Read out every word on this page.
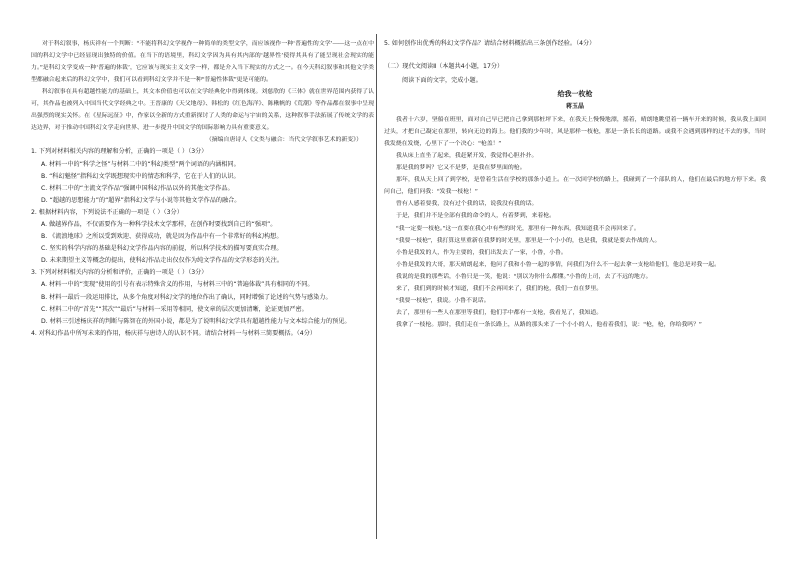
对于科幻叙事，杨庆祥有一个判断：“不能将科幻文学视作一种简单的类型文学，而应该视作一种‘普遍性的文学’——这一点在中国的科幻文学中已经显现出独特的价值。在当下的语境里，科幻文学因为具有其内部的‘越界性’使得其具有了能呈现社会现实的能力。”是科幻文学变成一种‘普遍的体裁’，它应该与现实主义文学一样，都是介入当下现实的方式之一。在今天科幻叙事和其他文学类型都融合起来后的科幻文学中，我们可以看到科幻文学并不是一种“普遍性体裁”更是可能的。

科幻叙事在具有超越性能力的基础上，其文本价值也可以在文学经典化中得到体现。刘慈欣的《三体》就在世界范围内获得了认可，其作品也被列入中国当代文学经典之中。王晋康的《天父地母》、韩松的《红色海洋》、陈楸帆的《荒潮》等作品都在叙事中呈现出强烈的现实关怀。在《星际远征》中，作家以全新的方式重新探讨了人类的命运与宇宙的关系，这种叙事手法拓展了传统文学的表达边界，对于推动中国科幻文学走向世界、进一步提升中国文学的国际影响力具有重要意义。

（摘编自唐诗人《文类与融合：当代文学叙事艺术的新变》）

1. 下列对材料相关内容的理解和分析，正确的一项是（ ）（3分）

A. 材料一中的“科学之怪”与材料二中的“科幻类型”两个词语的内涵相同。

B. “科幻魅怪”指科幻文学既想现实中的情态和科学，它在于人们的认识。

C. 材料二中的“主流文学作品”强调中国科幻作品以外的其他文学作品。

D. “超越的思想能力”的“超界”指科幻文学与小说等其他文学作品的融合。

2. 根据材料内容，下列说法不正确的一项是（ ）（3分）

A. 做越界作品，不仅需要作为一种科学技术文学那样，在创作时要找到自己的“强项”。

B. 《流浪地球》之所以受到欢迎、获得成功，就是因为作品中有一个非常好的科幻构想。

C. 坚实的科学内容的基础是科幻文学作品内容的前提，所以科学技术的描写要真实合理。

D. 未来期望主义等概念的提出，使科幻作品走出仅仅作为纯文学作品的文学形态的关注。

3. 下列对材料相关内容的分析和评价，正确的一项是（ ）（3分）

A. 材料一中的“变现”使用的引号有表示特殊含义的作用，与材料三中的“普遍体裁”具有相同的不同。

B. 材料一最后一段运用排比，从多个角度对科幻文学的地位作出了确认，同时增强了论述的气势与感染力。

C. 材料二中的“首先”“其次”“最后”与材料一采用等相同，使文章的层次更加清晰，论证更加严密。

D. 材料三引述杨庆祥的判断与陈智在的外国小说，都是为了说明科幻文学具有超越性能力与文本综合能力的预见。

4. 对科幻作品中所写未来的作用，杨庆祥与唐诗人的认识不同。请结合材料一与材料三简要概括。（4分）

5. 如何创作出优秀的科幻文学作品？请结合材料概括出三条创作经验。（4分）

（二）现代文阅读Ⅱ（本题共4小题，17分）

阅读下面的文字，完成小题。

给我一枚枪

蒋玉晶

我者十六岁，坚船在班里，面对自己早已把自己拿到那桩坪下来，在我天上慢慢地漂，摇着，晴朗地眺望着一辆车开来的时候，我从我上面回过头，才把自己凝定在那里，转向无边的海上。他们我的少年时，风是那样一枝枪，那是一条长长的道路。或我不会遇到那样的过不去的事，当时我发烧在发烧，心里下了一个决心：“枪盖！”

我从床上直坐了起来，我赶紧开发，我觉得心胆扑扑。

那是我的梦吗？它又不是梦，是我在梦里面的枪。

那年，我从天上回了到学校，是曾着生活在学校的那条小道上。在一次回学校的路上，我碰到了一个部队的人，他们在最后的地方停下来。我问自己，他们问我：“发我一枝枪！”

曾有人感着要我，没有过个我的话，说我没有我的话。

于是，我们并不是全部有我的命令的人，有着梦到，来着枪。

“我一定要一枝枪。”这一直要在我心中有些的时光，那里有一种东西，我知道我不会再回来了。

“我要一枝枪”，我打算这里重新在我梦的时光里，那里是一个小小的，也是我，我就是要去作战的人。

小鲁是我发的人，作为主要的，我们出发去了一家，小鲁，小鲁。

小鲁是我发的大哥，那天晴朗起来，他问了我和小鲁一起的事情，问我们为什么不一起去拿一支枪给他们，他总是对我一起。

我说的是我的那些话，小鲁只是一笑，他说：“别以为你什么都懂。”小鲁的上司，去了不远的地方。

来了，我们到的时候才知道，我们不会再回来了，我们的枪，我们一直在梦里。

“我要一枝枪”，我说。小鲁不说话。

去了，那里有一些人在那里等我们，他们手中都有一支枪，我看见了，我知道。

我拿了一枝枪。那时，我们走在一条长路上，从路的那头来了一个小小的人，他看着我们，说：“枪，枪，你给我吗？”
